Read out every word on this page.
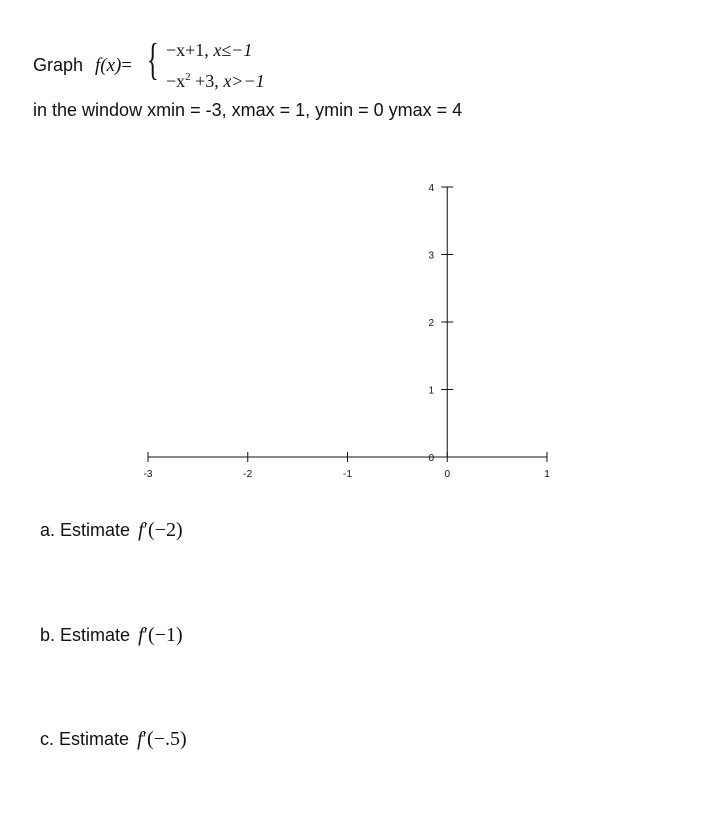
Graph f(x)= { −x+1, x≤−1
$-x^2 +3$, x>−1
in the window xmin = -3, xmax = 1, ymin = 0 ymax = 4
-3	-2	-1	0	1
0
1
2
3
4
a. Estimate f′(−2)
b. Estimate f′(−1)
c. Estimate f′(−.5)
